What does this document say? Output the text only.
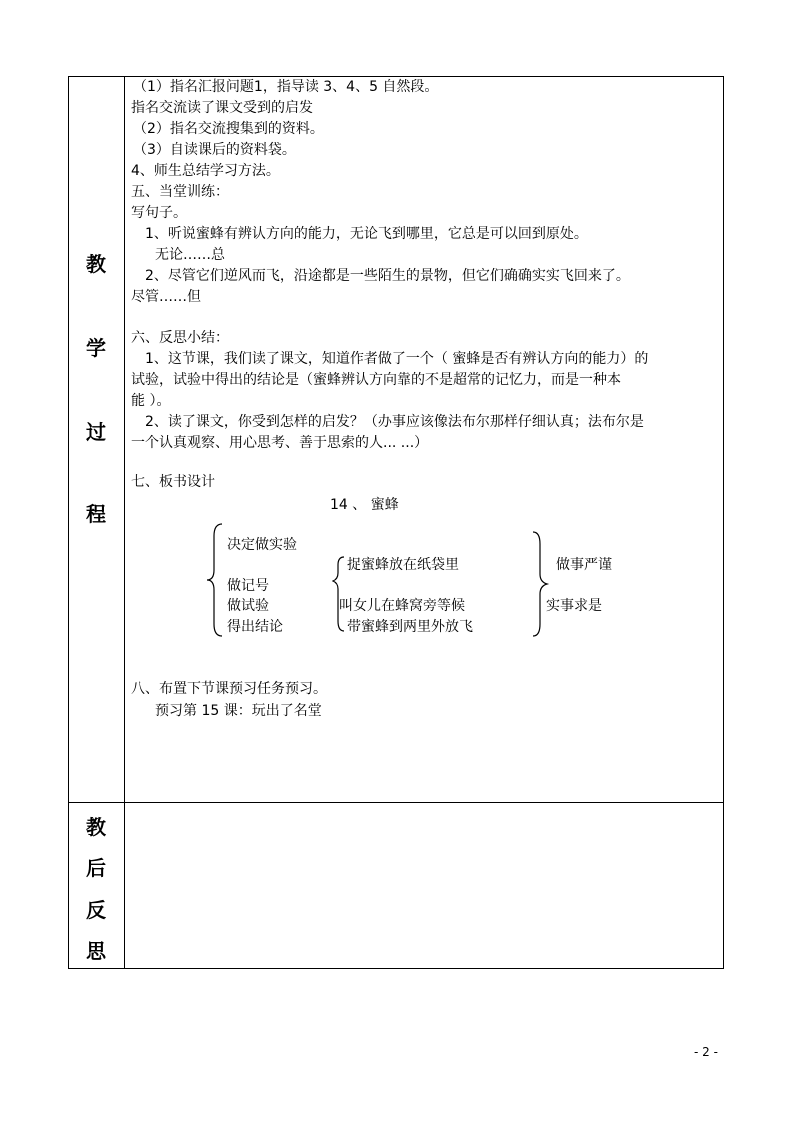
教
学
过
程
教
后
反
思
（1）指名汇报问题1，指导读 3、4、5 自然段。
指名交流读了课文受到的启发
（2）指名交流搜集到的资料。
（3）自读课后的资料袋。
4、师生总结学习方法。
五、当堂训练：
写句子。
1、听说蜜蜂有辨认方向的能力，无论飞到哪里，它总是可以回到原处。
无论……总
2、尽管它们逆风而飞，沿途都是一些陌生的景物，但它们确确实实飞回来了。
尽管……但
六、反思小结：
1、这节课，我们读了课文，知道作者做了一个（ 蜜蜂是否有辨认方向的能力）的
试验，试验中得出的结论是（蜜蜂辨认方向靠的不是超常的记忆力，而是一种本
能 ）。
2、读了课文，你受到怎样的启发？（办事应该像法布尔那样仔细认真；法布尔是
一个认真观察、用心思考、善于思索的人... ...）
七、板书设计
14 、 蜜蜂
决定做实验
做记号
做试验
得出结论
捉蜜蜂放在纸袋里
叫女儿在蜂窝旁等候
带蜜蜂到两里外放飞
做事严谨
实事求是
八、布置下节课预习任务预习。
预习第 15 课：玩出了名堂
- 2 -
